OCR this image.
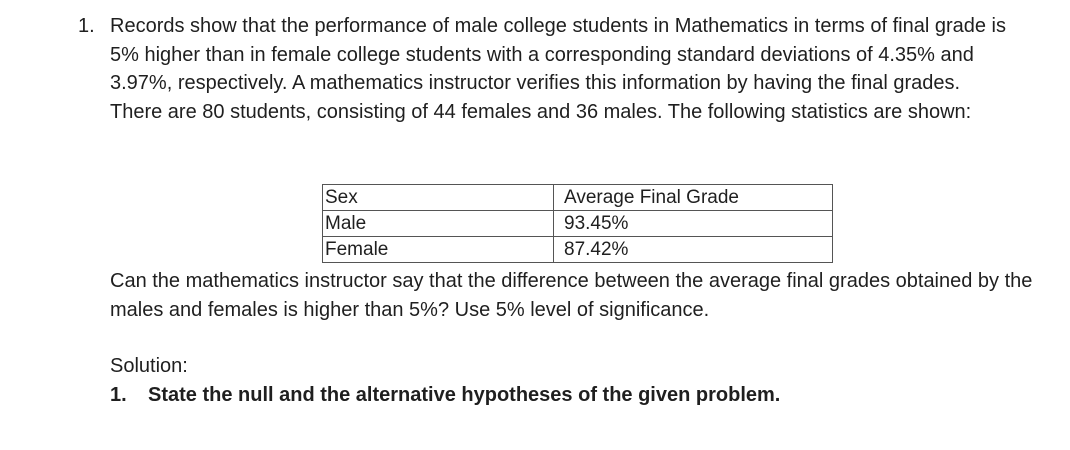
1. Records show that the performance of male college students in Mathematics in terms of final grade is 5% higher than in female college students with a corresponding standard deviations of 4.35% and 3.97%, respectively. A mathematics instructor verifies this information by having the final grades. There are 80 students, consisting of 44 females and 36 males. The following statistics are shown:
Sex	Average Final Grade
Male	93.45%
Female	87.42%
Can the mathematics instructor say that the difference between the average final grades obtained by the males and females is higher than 5%? Use 5% level of significance.
Solution:
1. State the null and the alternative hypotheses of the given problem.
